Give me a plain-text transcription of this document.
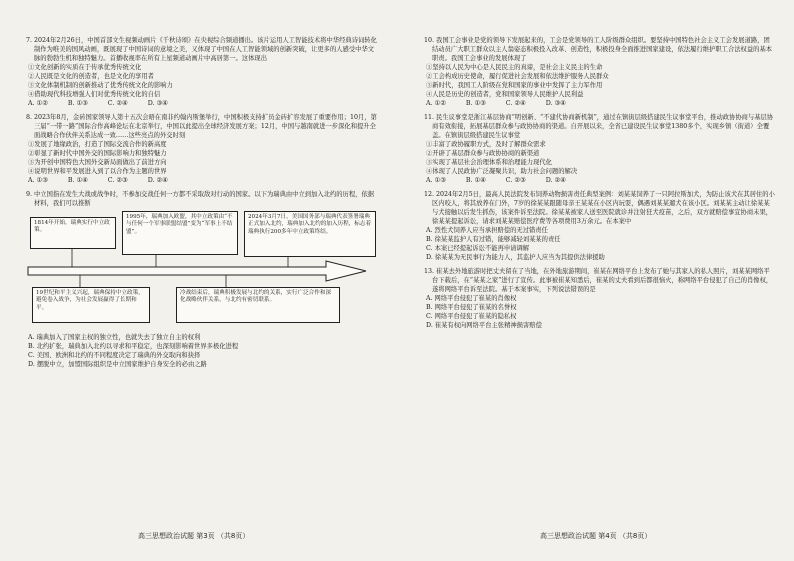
7. 2024年2月26日，中国首部文生视频动画片《千秋诗颂》在央视综合频道播出。该片运用人工智能技术将中华经典诗词转化制作为唯美的国风动画，既展现了中国诗词的意境之美，又体现了中国在人工智能领域的创新突破，让更多的人感受中华文脉的勃勃生机和独特魅力。首播收视率在所有上星频道动画片中高居第一。这体现出

①文化创新的实质在于传承优秀传统文化

②人民既是文化的创造者，也是文化的享用者

③文化体制机制的创新推动了优秀传统文化的影响力

④借助现代科技增强人们对优秀传统文化的自信

A. ①②          B. ①③          C. ②④          D. ③④

8. 2023年8月，金砖国家领导人第十五次会晤在南非约翰内斯堡举行，中国积极支持扩员金砖扩容发展了重要作用；10月，第三届“一带一路”国际合作高峰论坛在北京举行，中国以此提出全球经济发展方案；12月，中国与越南就进一步深化和提升全面战略合作伙伴关系达成一致……这些亮点的外交时刻

①发展了地缘政治，打造了国际交流合作的新高度

②彰显了新时代中国外交的国际影响力和独特魅力

③为开创中国特色大国外交新局面做出了前进方向

④说明世界和平发展进入到了以合作为主题的世界

A. ①③          B. ①④          C. ②③          D. ②④

9. 中立国指在发生大战或战争时，不参加交战任何一方都不采取敌对行动的国家。以下为瑞典由中立到加入北约的历程，依据材料，我们可以推断

1814年开始，瑞典实行中立政策。
1995年，瑞典加入欧盟，其中立政策由“不与任何一个军事联盟结盟”变为“军事上不结盟”。
2024年3月7日，美国国务部与瑞典代表签署瑞典正式加入北约，瑞典加入北约的加入历程，标志着瑞典执行200多年中立政策终结。
19世纪和平主义兴起，瑞典保持中立政策，避免卷入战争，为社会发展赢得了长期和平。
冷战结束后，瑞典积极发展与北约的关系，实行广泛合作和深化战略伙伴关系，与北约有密切联系。

A. 瑞典加入了国家主权的独立性，也就失去了独立自主的权利

B. 北约扩张，瑞典加入北约以寻求和平稳定，也深刻影响着世界多极化进程

C. 美国、欧洲和北约的不同程度决定了瑞典的外交取向和抉择

D. 摆脱中立，加盟国际组织是中立国家维护自身安全的必由之路

高三思想政治试题 第3页 （共8页）

10. 我国工会事业是党的领导下发展起来的，工会是党领导的工人阶级群众组织。要坚持中国特色社会主义工会发展道路，团结动员广大职工群众以主人翁姿态积极投入改革、创造性，积极投身全面推进国家建设，依法履行维护职工合法权益的基本职责。我国工会事业的发展体现了

①坚持以人民为中心是人民民主的真谛，是社会主义民主的生命

②工会构成历史使命，履行促进社会发展和依法维护服务人民群众

③新时代，我国工人阶级在党和国家的事业中发挥了主力军作用

④人民是历史的创造者，党和国家领导人民维护人民利益

A. ①②          B. ①③          C. ②④          D. ③④

11. 民生议事堂是浙江基层协商“明创新、“不建代协商新机制”，通过在镇街层级搭建民生议事堂平台，推动政协协商与基层协商有效衔接，拓展基层群众参与政协协商的渠道。自开展以来，全省已建设民生议事堂1380多个，实现乡镇（街道）全覆盖。在镇街层级搭建民生议事堂

①丰富了政协履职方式，及时了解群众需求

②开辟了基层群众参与政协协商的新渠道

③实现了基层社会治理体系和治理能力现代化

④体现了人民政协广泛凝聚共识，助力社会问题的解决

A. ①③          B. ①④          C. ②③          D. ②④

12. 2024年2月5日，最高人民法院发布饲养动物损害责任典型案例：刘某某饲养了一只阿拉斯加犬，为防止该犬在其居住的小区内咬人，将其放养在门外，7岁的徐某某跟随母亲王某某在小区内玩耍，偶遇刘某某遛犬在该小区。刘某某主动让徐某某与犬接触以后发生抓伤，该案件诉至法院。徐某某被家人送至医院就诊并注射狂犬疫苗，之后，双方就赔偿事宜协商未果，徐某某提起诉讼，请求刘某某赔偿医疗费等各项费用3万余元。在本案中

A. 烈性犬饲养人应当承担赔偿的无过错责任

B. 徐某某监护人有过错，能够减轻刘某某的责任

C. 本案已经提起诉讼不能再申请调解

D. 徐某某为无民事行为能力人，其监护人应当为其提供法律援助

13. 崔某去外地旅游时把丈夫留在了当地，在外地旅游期间，崔某在网络平台上发布了她与其家人的私人照片，刘某某网络平台下载后，在“某某之家”进行了宣传。此事被崔某知悉后，崔某的丈夫看到后都很恼火，称网络平台侵犯了自己的肖像权，遂将网络平台诉至法院。基于本案事实，下列说法错误的是

A. 网络平台侵犯了崔某的肖像权

B. 网络平台侵犯了崔某的名誉权

C. 网络平台侵犯了崔某的隐私权

D. 崔某有权向网络平台主张精神损害赔偿

高三思想政治试题 第4页 （共8页）
